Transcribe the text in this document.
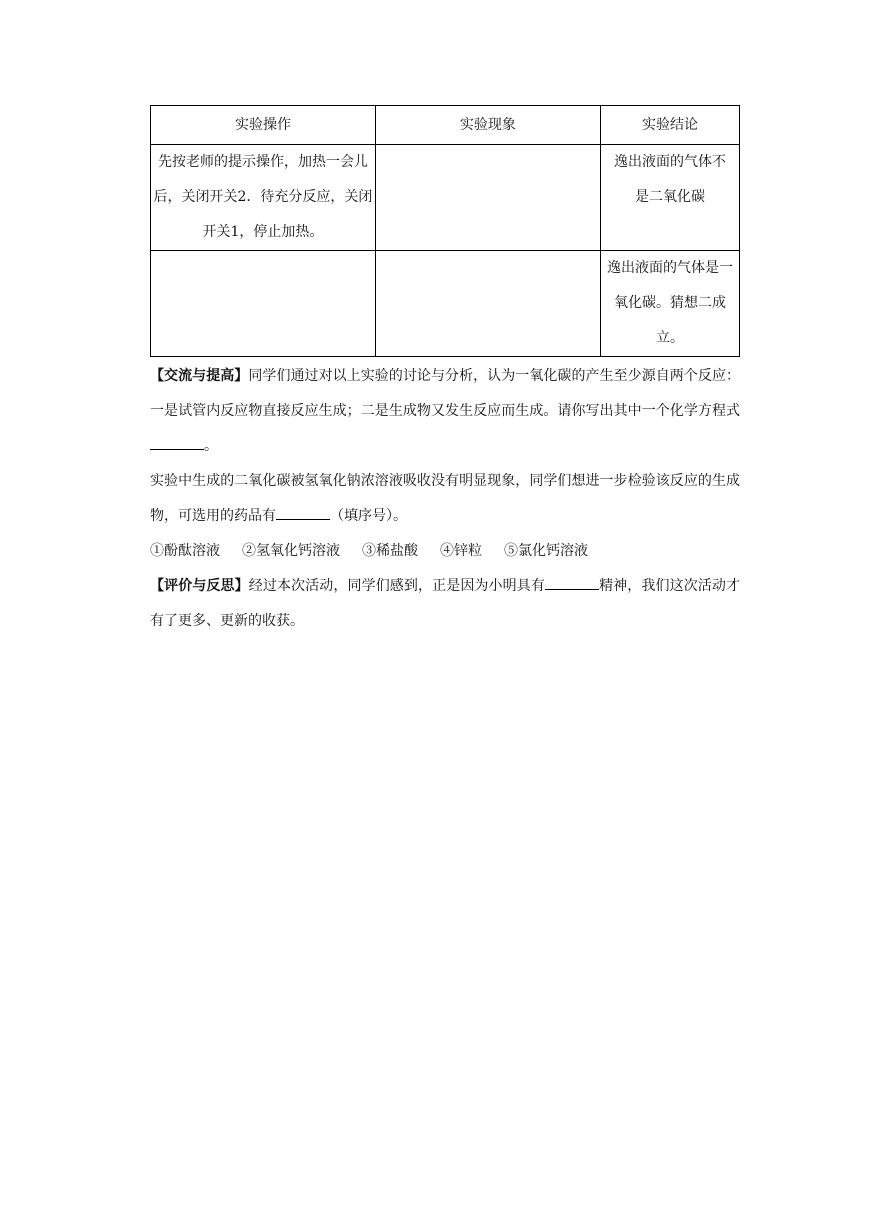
实验操作	实验现象	实验结论
先按老师的提示操作，加热一会儿后，关闭开关2．待充分反应，关闭开关1，停止加热。		逸出液面的气体不是二氧化碳
		逸出液面的气体是一氧化碳。猜想二成立。

【交流与提高】同学们通过对以上实验的讨论与分析，认为一氧化碳的产生至少源自两个反应：一是试管内反应物直接反应生成；二是生成物又发生反应而生成。请你写出其中一个化学方程式。

实验中生成的二氧化碳被氢氧化钠浓溶液吸收没有明显现象，同学们想进一步检验该反应的生成物，可选用的药品有	（填序号）。

①酚酞溶液 ②氢氧化钙溶液 ③稀盐酸 ④锌粒 ⑤氯化钙溶液

【评价与反思】经过本次活动，同学们感到，正是因为小明具有	精神，我们这次活动才有了更多、更新的收获。
